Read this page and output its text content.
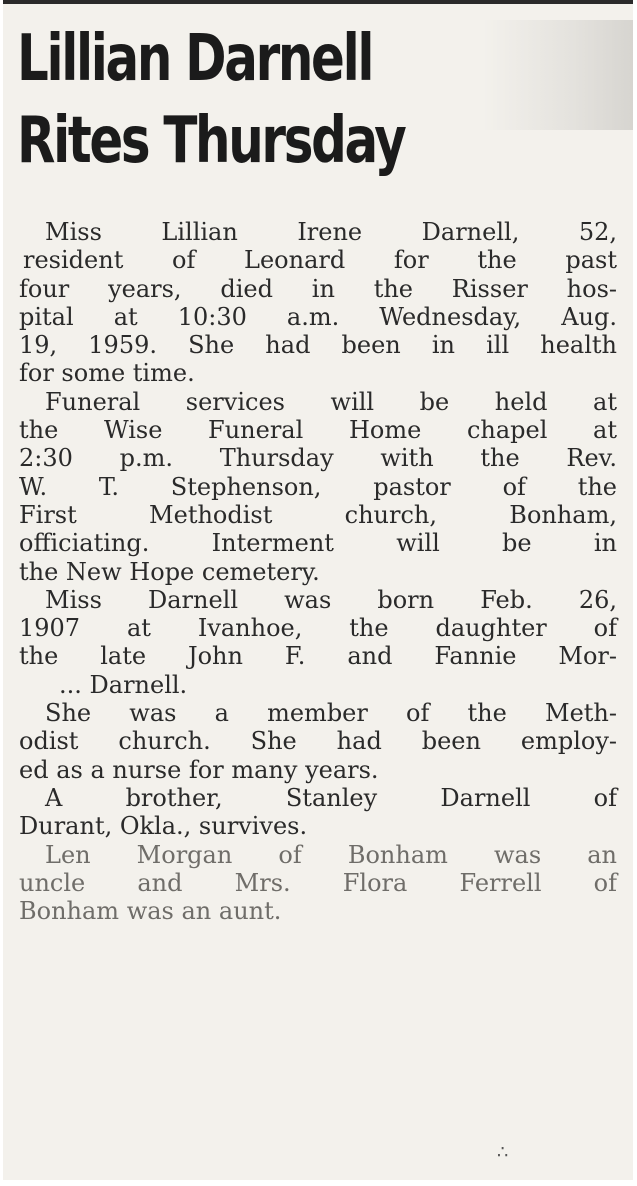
Lillian Darnell
Rites Thursday
Miss Lillian Irene Darnell, 52,
resident of Leonard for the past
four years, died in the Risser hos-
pital at 10:30 a.m. Wednesday, Aug.
19, 1959. She had been in ill health
for some time.
Funeral services will be held at
the Wise Funeral Home chapel at
2:30 p.m. Thursday with the Rev.
W. T. Stephenson, pastor of the
First Methodist church, Bonham,
officiating. Interment will be in
the New Hope cemetery.
Miss Darnell was born Feb. 26,
1907 at Ivanhoe, the daughter of
the late John F. and Fannie Mor-
... Darnell.
She was a member of the Meth-
odist church. She had been employ-
ed as a nurse for many years.
A brother, Stanley Darnell of
Durant, Okla., survives.
Len Morgan of Bonham was an
uncle and Mrs. Flora Ferrell of
Bonham was an aunt.
∴
